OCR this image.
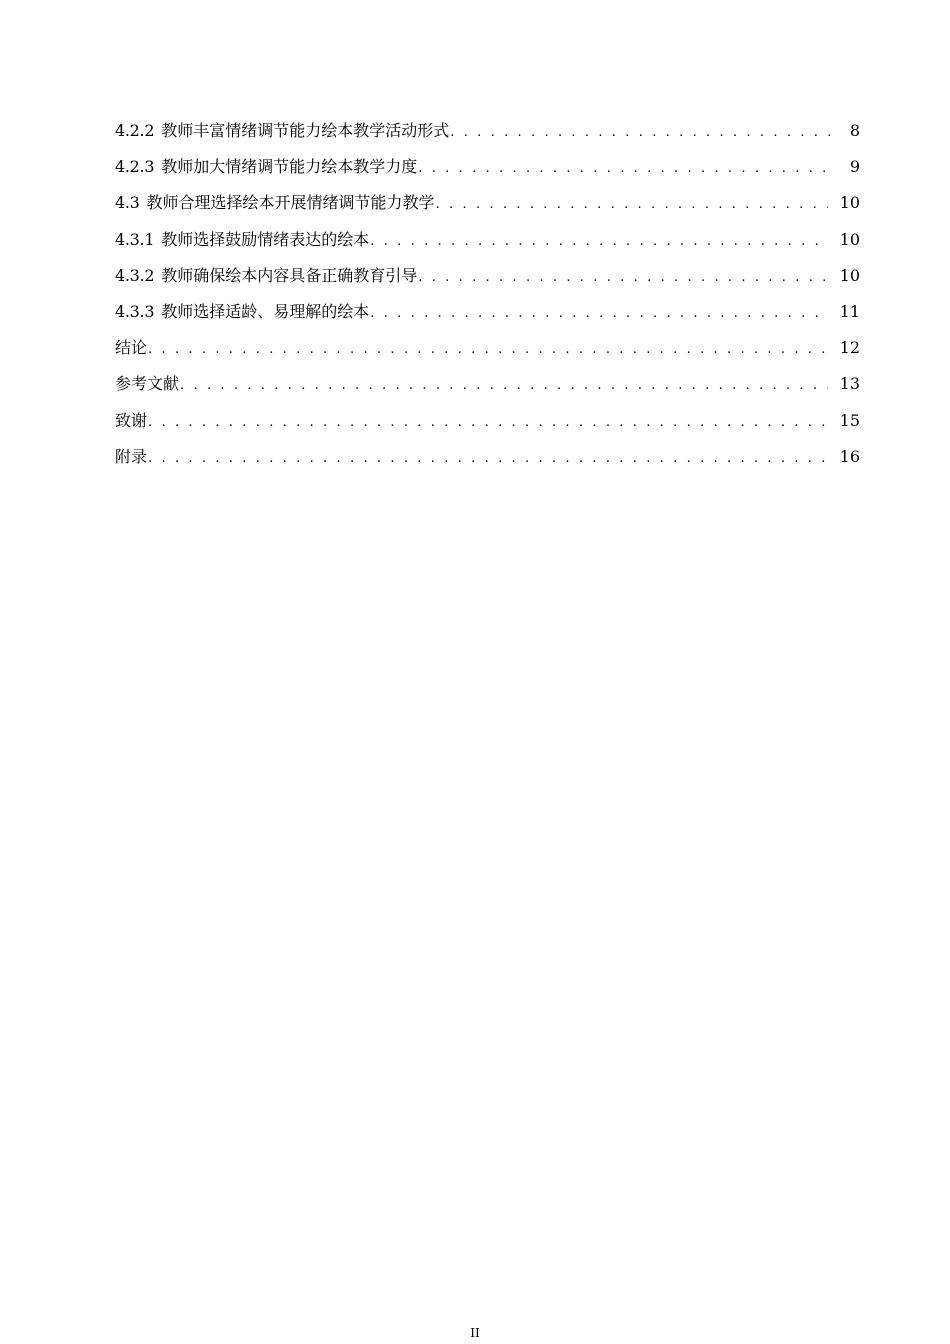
4.2.2 教师丰富情绪调节能力绘本教学活动形式 . . .	8
4.2.3 教师加大情绪调节能力绘本教学力度 . . .	9
4.3 教师合理选择绘本开展情绪调节能力教学 . . .	10
4.3.1 教师选择鼓励情绪表达的绘本 . . .	10
4.3.2 教师确保绘本内容具备正确教育引导 . . .	10
4.3.3 教师选择适龄、易理解的绘本 . . .	11
结论 . . .	12
参考文献 . . .	13
致谢 . . .	15
附录 . . .	16
II
